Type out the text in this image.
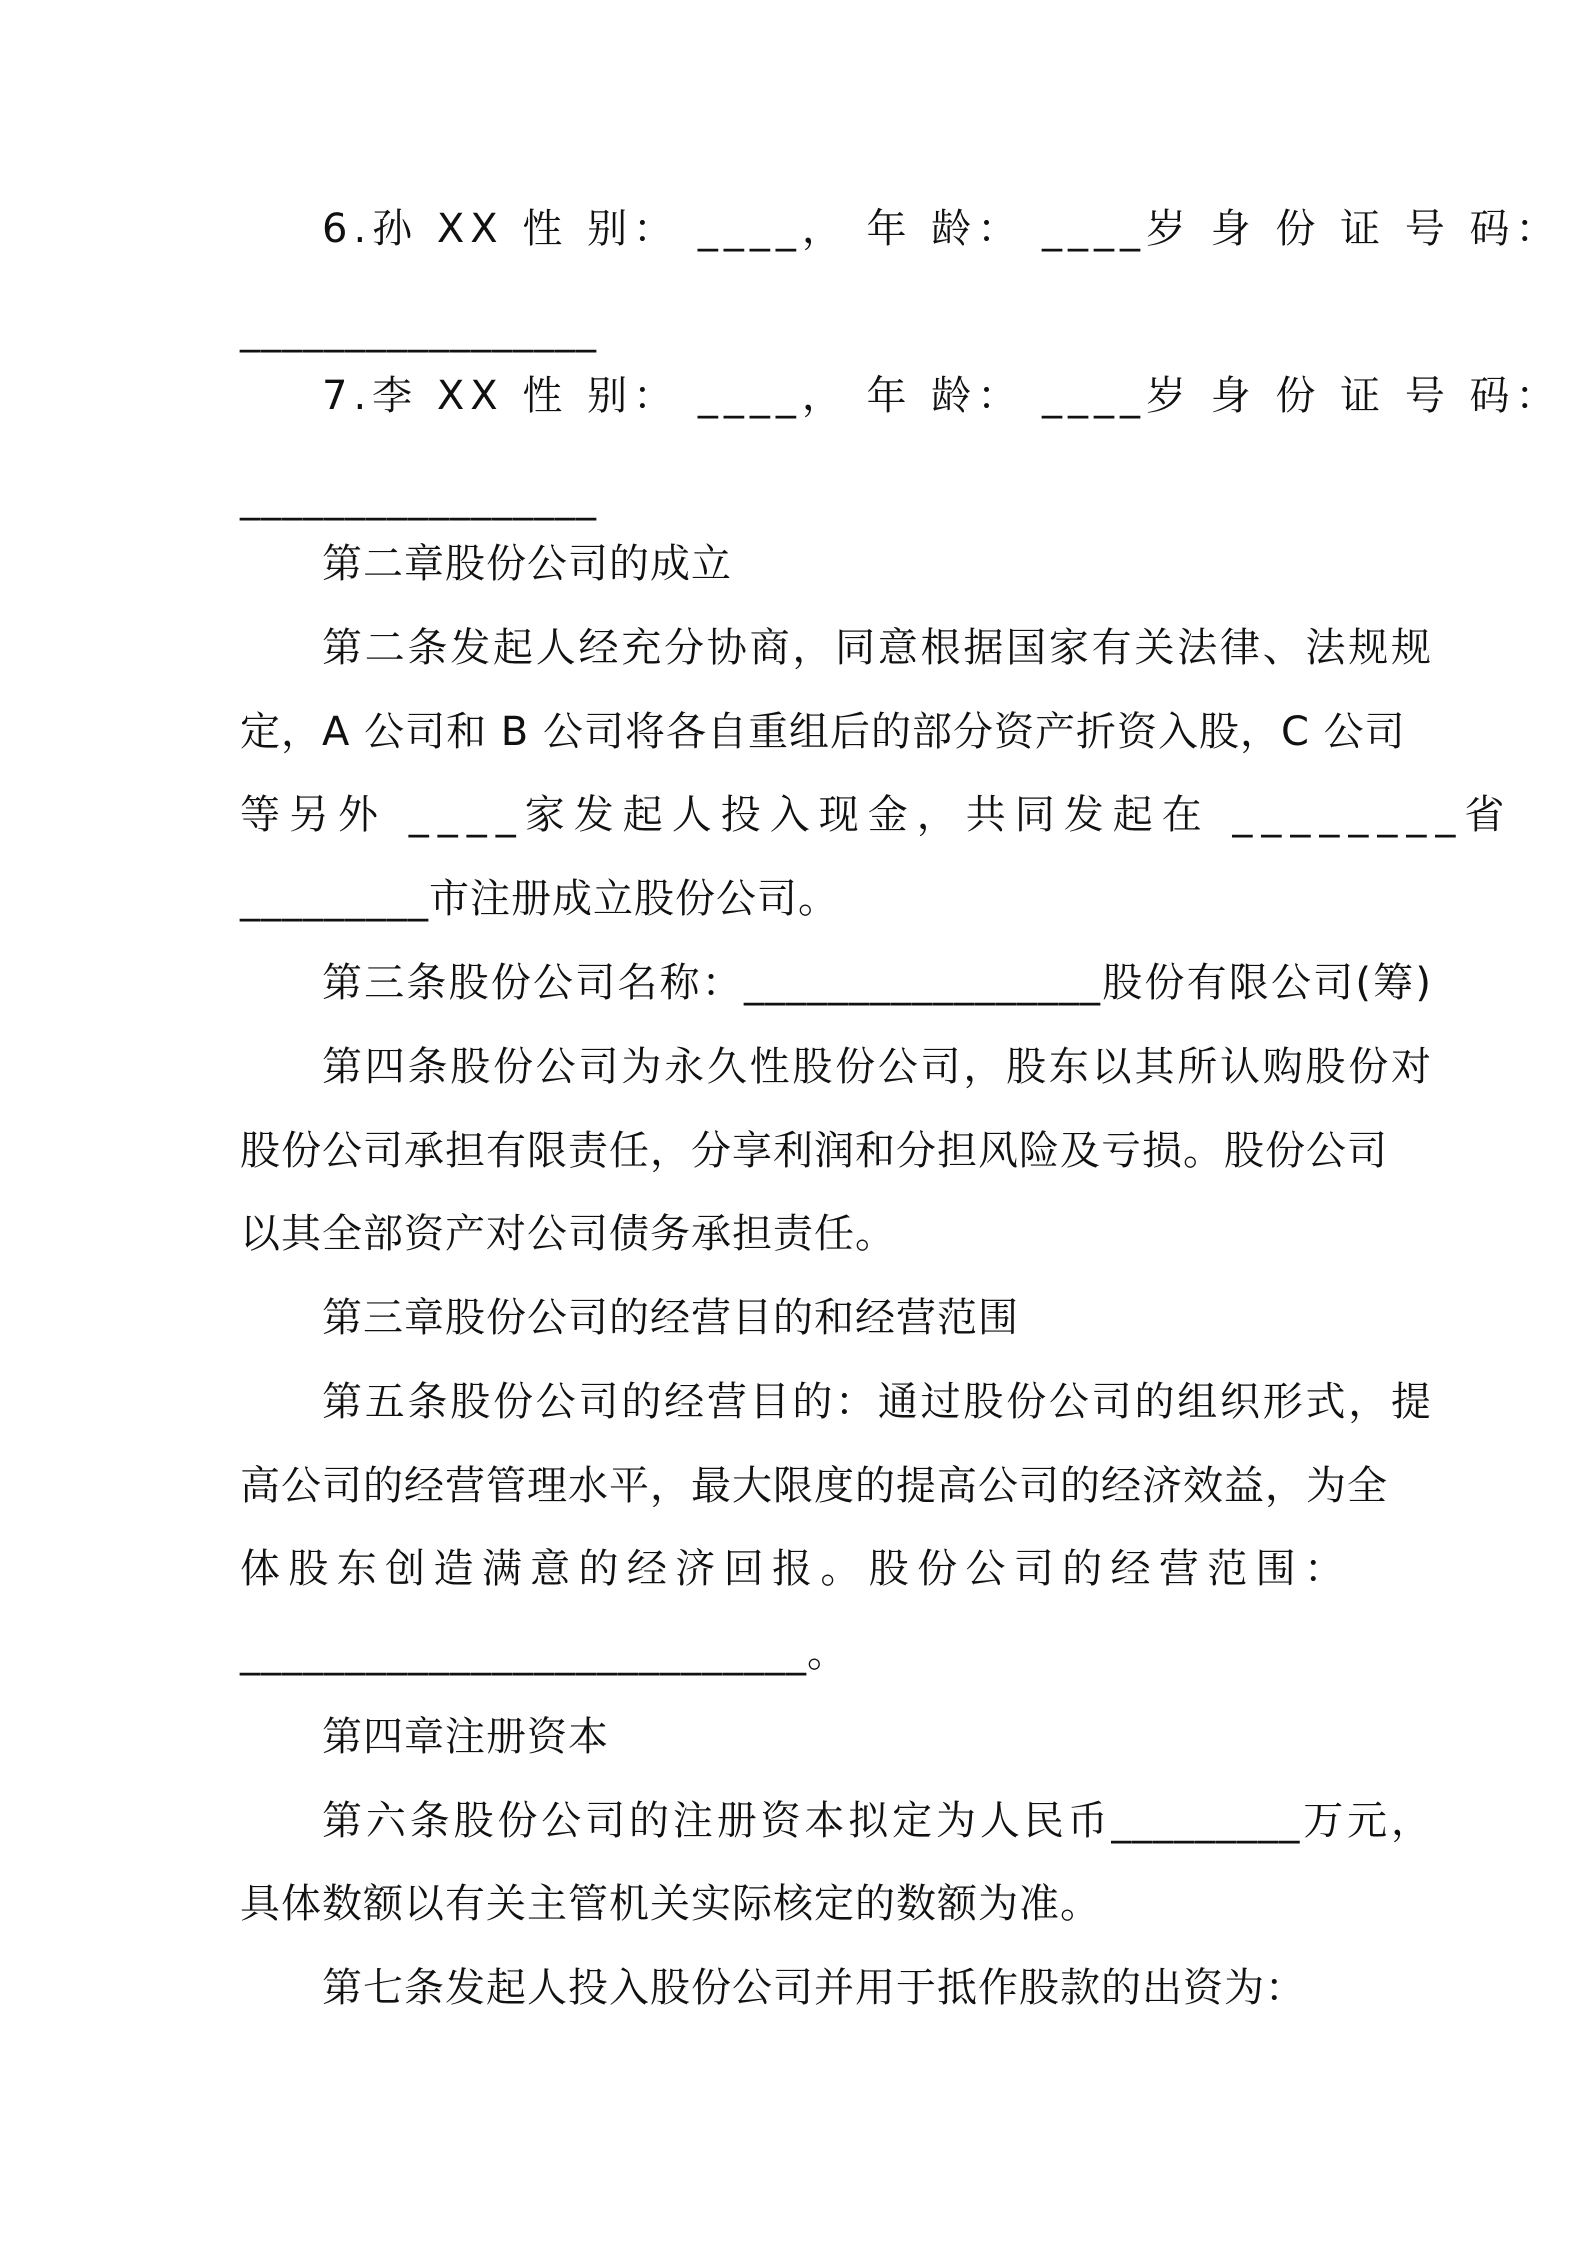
6.孙 XX 性 别： ____， 年 龄： ____岁 身 份 证 号 码：
_________________
7.李 XX 性 别： ____， 年 龄： ____岁 身 份 证 号 码：
_________________
第二章股份公司的成立
第二条发起人经充分协商，同意根据国家有关法律、法规规
定，A 公司和 B 公司将各自重组后的部分资产折资入股，C 公司
等另外 ____家发起人投入现金，共同发起在 ________省
_________市注册成立股份公司。
第三条股份公司名称：_________________股份有限公司(筹)
第四条股份公司为永久性股份公司，股东以其所认购股份对
股份公司承担有限责任，分享利润和分担风险及亏损。股份公司
以其全部资产对公司债务承担责任。
第三章股份公司的经营目的和经营范围
第五条股份公司的经营目的：通过股份公司的组织形式，提
高公司的经营管理水平，最大限度的提高公司的经济效益，为全
体股东创造满意的经济回报。股份公司的经营范围：
___________________________。
第四章注册资本
第六条股份公司的注册资本拟定为人民币_________万元，
具体数额以有关主管机关实际核定的数额为准。
第七条发起人投入股份公司并用于抵作股款的出资为：
